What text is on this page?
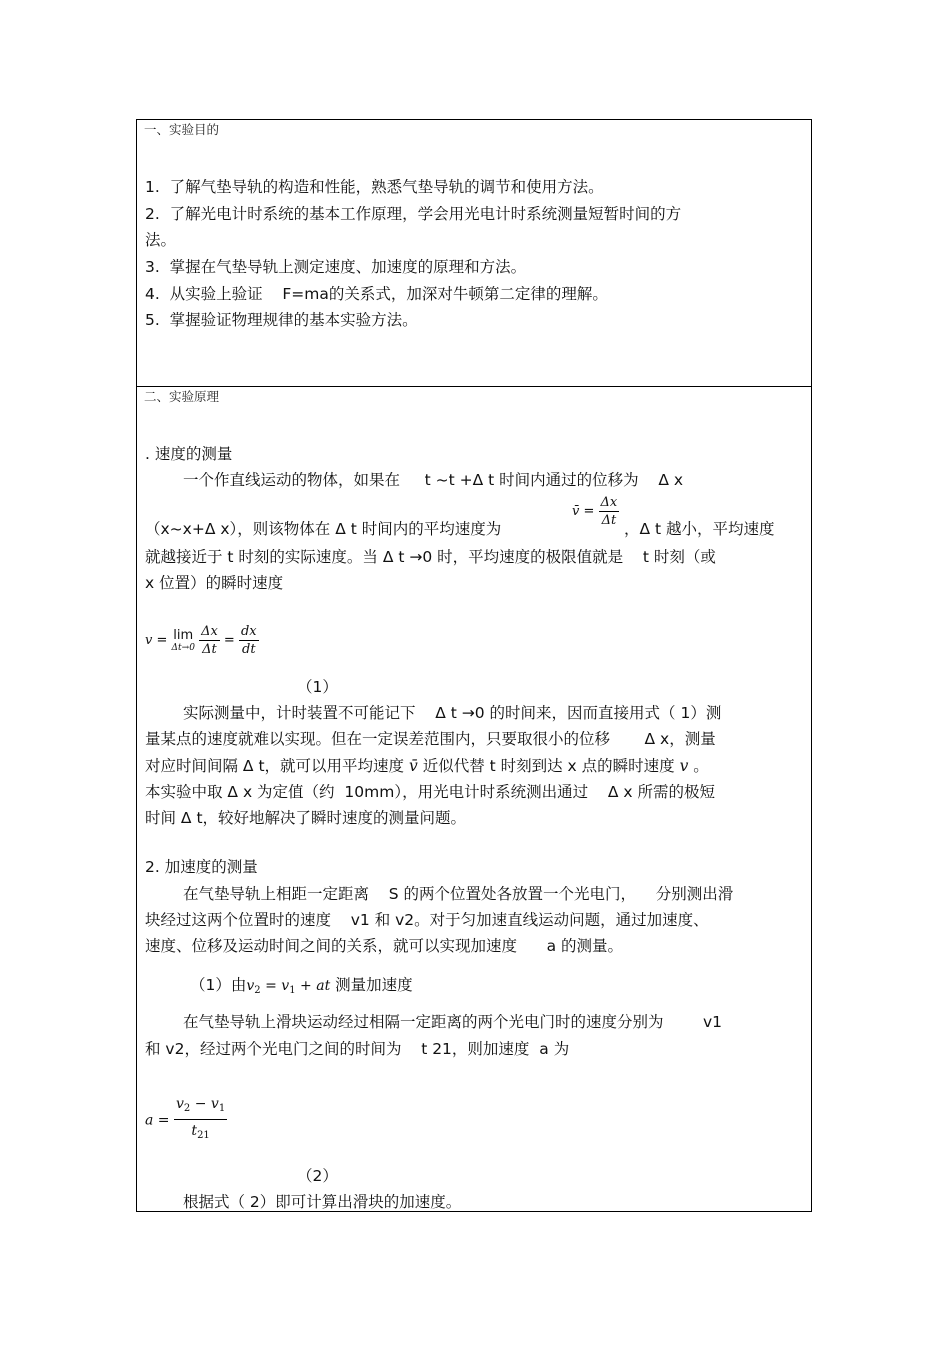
一、实验目的
1. 了解气垫导轨的构造和性能，熟悉气垫导轨的调节和使用方法。
2. 了解光电计时系统的基本工作原理，学会用光电计时系统测量短暂时间的方
法。
3. 掌握在气垫导轨上测定速度、加速度的原理和方法。
4. 从实验上验证 F=ma的关系式，加深对牛顿第二定律的理解。
5. 掌握验证物理规律的基本实验方法。
二、实验原理
. 速度的测量
一个作直线运动的物体，如果在 t ~t +Δ t 时间内通过的位移为 Δ x
（x~x+Δ x），则该物体在 Δ t 时间内的平均速度为
v̄ = $\frac{\Delta x}{\Delta t}$ ，Δ t 越小，平均速度
就越接近于 t 时刻的实际速度。当 Δ t →0 时，平均速度的极限值就是 t 时刻（或
x 位置）的瞬时速度
v = lim
Δt→0
$\frac{\Delta x}{\Delta t} = \frac{dx}{dt}$
（1）
实际测量中，计时装置不可能记下 Δ t →0 的时间来，因而直接用式（ 1）测
量某点的速度就难以实现。但在一定误差范围内，只要取很小的位移 Δ x，测量
对应时间间隔 Δ t，就可以用平均速度 v̄ 近似代替 t 时刻到达 x 点的瞬时速度 v 。
本实验中取 Δ x 为定值（约 10mm），用光电计时系统测出通过 Δ x 所需的极短
时间 Δ t，较好地解决了瞬时速度的测量问题。
2. 加速度的测量
在气垫导轨上相距一定距离 S 的两个位置处各放置一个光电门， 分别测出滑
块经过这两个位置时的速度 v1 和 v2。对于匀加速直线运动问题，通过加速度、
速度、位移及运动时间之间的关系，就可以实现加速度 a 的测量。
（1）由$v_2 = v_1$ + at 测量加速度
在气垫导轨上滑块运动经过相隔一定距离的两个光电门时的速度分别为	v1
和 v2，经过两个光电门之间的时间为 t 21，则加速度 a 为
$a = \frac{v_2 - v_1}{t_{21}}$
（2）
根据式（ 2）即可计算出滑块的加速度。
